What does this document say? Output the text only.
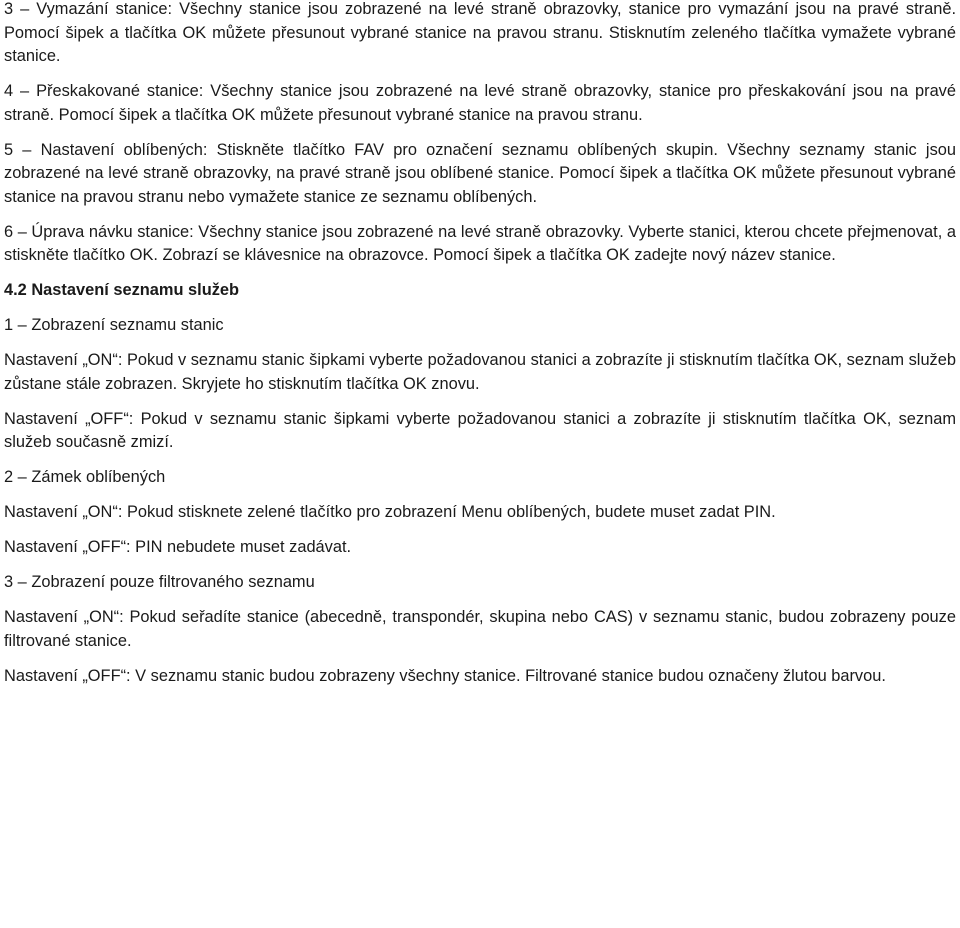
3 – Vymazání stanice: Všechny stanice jsou zobrazené na levé straně obrazovky, stanice pro vymazání jsou na pravé straně. Pomocí šipek a tlačítka OK můžete přesunout vybrané stanice na pravou stranu. Stisknutím zeleného tlačítka vymažete vybrané stanice.

4 – Přeskakované stanice: Všechny stanice jsou zobrazené na levé straně obrazovky, stanice pro přeskakování jsou na pravé straně. Pomocí šipek a tlačítka OK můžete přesunout vybrané stanice na pravou stranu.

5 – Nastavení oblíbených: Stiskněte tlačítko FAV pro označení seznamu oblíbených skupin. Všechny seznamy stanic jsou zobrazené na levé straně obrazovky, na pravé straně jsou oblíbené stanice. Pomocí šipek a tlačítka OK můžete přesunout vybrané stanice na pravou stranu nebo vymažete stanice ze seznamu oblíbených.

6 – Úprava návku stanice: Všechny stanice jsou zobrazené na levé straně obrazovky. Vyberte stanici, kterou chcete přejmenovat, a stiskněte tlačítko OK. Zobrazí se klávesnice na obrazovce. Pomocí šipek a tlačítka OK zadejte nový název stanice.

4.2 Nastavení seznamu služeb

1 – Zobrazení seznamu stanic

Nastavení „ON“: Pokud v seznamu stanic šipkami vyberte požadovanou stanici a zobrazíte ji stisknutím tlačítka OK, seznam služeb zůstane stále zobrazen. Skryjete ho stisknutím tlačítka OK znovu.

Nastavení „OFF“: Pokud v seznamu stanic šipkami vyberte požadovanou stanici a zobrazíte ji stisknutím tlačítka OK, seznam služeb současně zmizí.

2 – Zámek oblíbených

Nastavení „ON“: Pokud stisknete zelené tlačítko pro zobrazení Menu oblíbených, budete muset zadat PIN.

Nastavení „OFF“: PIN nebudete muset zadávat.

3 – Zobrazení pouze filtrovaného seznamu

Nastavení „ON“: Pokud seřadíte stanice (abecedně, transpondér, skupina nebo CAS) v seznamu stanic, budou zobrazeny pouze filtrované stanice.

Nastavení „OFF“: V seznamu stanic budou zobrazeny všechny stanice. Filtrované stanice budou označeny žlutou barvou.
